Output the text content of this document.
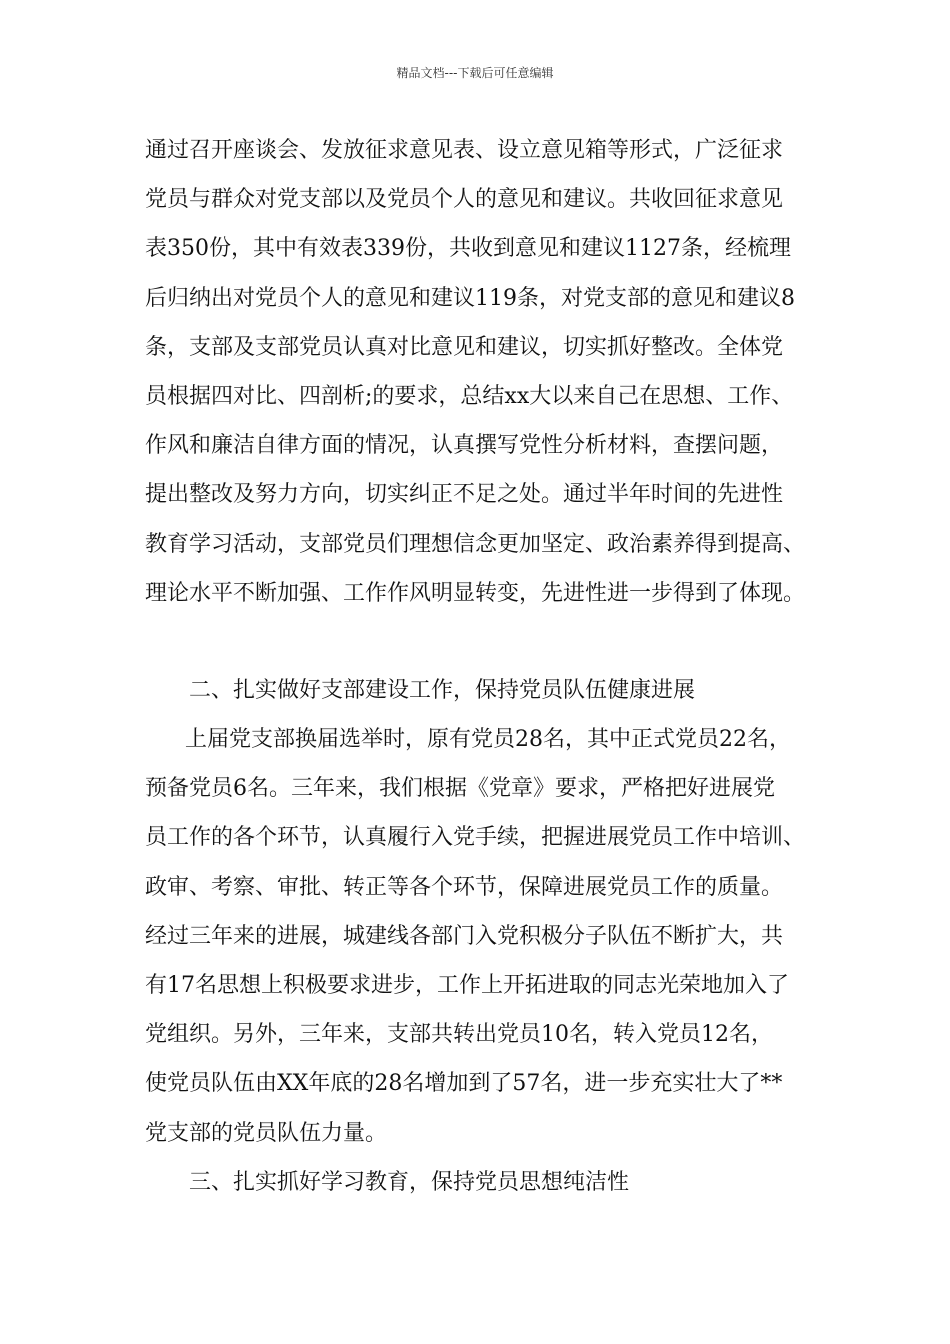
精品文档---下载后可任意编辑
通过召开座谈会、发放征求意见表、设立意见箱等形式，广泛征求
党员与群众对党支部以及党员个人的意见和建议。共收回征求意见
表350份，其中有效表339份，共收到意见和建议1127条，经梳理
后归纳出对党员个人的意见和建议119条，对党支部的意见和建议8
条，支部及支部党员认真对比意见和建议，切实抓好整改。全体党
员根据四对比、四剖析;的要求，总结xx大以来自己在思想、工作、
作风和廉洁自律方面的情况，认真撰写党性分析材料，查摆问题，
提出整改及努力方向，切实纠正不足之处。通过半年时间的先进性
教育学习活动，支部党员们理想信念更加坚定、政治素养得到提高、
理论水平不断加强、工作作风明显转变，先进性进一步得到了体现。
二、扎实做好支部建设工作，保持党员队伍健康进展
上届党支部换届选举时，原有党员28名，其中正式党员22名，
预备党员6名。三年来，我们根据《党章》要求，严格把好进展党
员工作的各个环节，认真履行入党手续，把握进展党员工作中培训、
政审、考察、审批、转正等各个环节，保障进展党员工作的质量。
经过三年来的进展，城建线各部门入党积极分子队伍不断扩大，共
有17名思想上积极要求进步，工作上开拓进取的同志光荣地加入了
党组织。另外，三年来，支部共转出党员10名，转入党员12名，
使党员队伍由XX年底的28名增加到了57名，进一步充实壮大了**
党支部的党员队伍力量。
三、扎实抓好学习教育，保持党员思想纯洁性
